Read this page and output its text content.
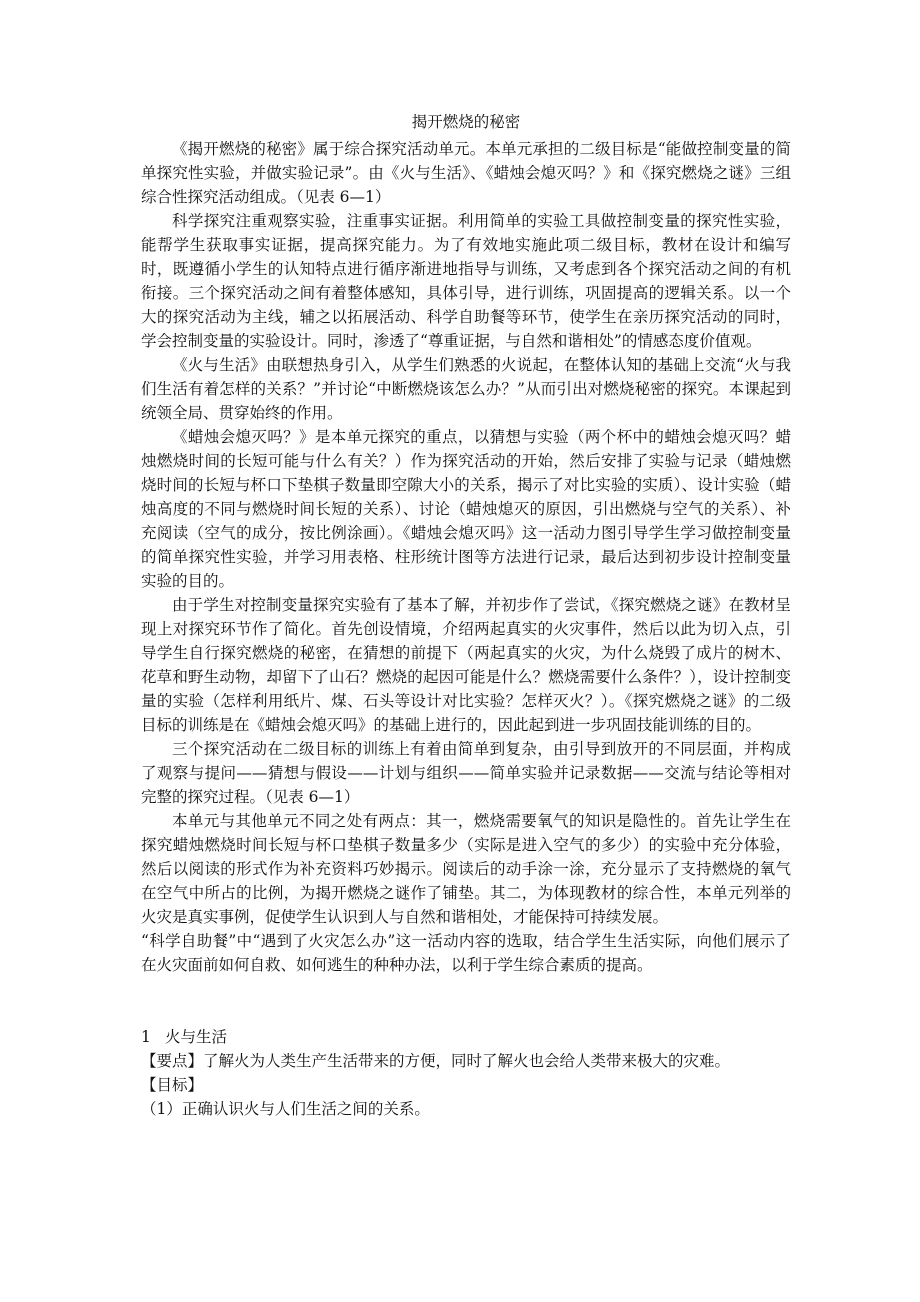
揭开燃烧的秘密

《揭开燃烧的秘密》属于综合探究活动单元。本单元承担的二级目标是“能做控制变量的简单探究性实验，并做实验记录”。由《火与生活》、《蜡烛会熄灭吗？》和《探究燃烧之谜》三组综合性探究活动组成。（见表 6—1）

科学探究注重观察实验，注重事实证据。利用简单的实验工具做控制变量的探究性实验，能帮学生获取事实证据，提高探究能力。为了有效地实施此项二级目标，教材在设计和编写时，既遵循小学生的认知特点进行循序渐进地指导与训练，又考虑到各个探究活动之间的有机衔接。三个探究活动之间有着整体感知，具体引导，进行训练，巩固提高的逻辑关系。以一个大的探究活动为主线，辅之以拓展活动、科学自助餐等环节，使学生在亲历探究活动的同时，学会控制变量的实验设计。同时，渗透了“尊重证据，与自然和谐相处”的情感态度价值观。

《火与生活》由联想热身引入，从学生们熟悉的火说起，在整体认知的基础上交流“火与我们生活有着怎样的关系？”并讨论“中断燃烧该怎么办？”从而引出对燃烧秘密的探究。本课起到统领全局、贯穿始终的作用。

《蜡烛会熄灭吗？》是本单元探究的重点，以猜想与实验（两个杯中的蜡烛会熄灭吗？蜡烛燃烧时间的长短可能与什么有关？）作为探究活动的开始，然后安排了实验与记录（蜡烛燃烧时间的长短与杯口下垫棋子数量即空隙大小的关系，揭示了对比实验的实质）、设计实验（蜡烛高度的不同与燃烧时间长短的关系）、讨论（蜡烛熄灭的原因，引出燃烧与空气的关系）、补充阅读（空气的成分，按比例涂画）。《蜡烛会熄灭吗》这一活动力图引导学生学习做控制变量的简单探究性实验，并学习用表格、柱形统计图等方法进行记录，最后达到初步设计控制变量实验的目的。

由于学生对控制变量探究实验有了基本了解，并初步作了尝试，《探究燃烧之谜》在教材呈现上对探究环节作了简化。首先创设情境，介绍两起真实的火灾事件，然后以此为切入点，引导学生自行探究燃烧的秘密，在猜想的前提下（两起真实的火灾，为什么烧毁了成片的树木、花草和野生动物，却留下了山石？燃烧的起因可能是什么？燃烧需要什么条件？），设计控制变量的实验（怎样利用纸片、煤、石头等设计对比实验？怎样灭火？）。《探究燃烧之谜》的二级目标的训练是在《蜡烛会熄灭吗》的基础上进行的，因此起到进一步巩固技能训练的目的。

三个探究活动在二级目标的训练上有着由简单到复杂，由引导到放开的不同层面，并构成了观察与提问——猜想与假设——计划与组织——简单实验并记录数据——交流与结论等相对完整的探究过程。（见表 6—1）

本单元与其他单元不同之处有两点：其一，燃烧需要氧气的知识是隐性的。首先让学生在探究蜡烛燃烧时间长短与杯口垫棋子数量多少（实际是进入空气的多少）的实验中充分体验，然后以阅读的形式作为补充资料巧妙揭示。阅读后的动手涂一涂，充分显示了支持燃烧的氧气在空气中所占的比例，为揭开燃烧之谜作了铺垫。其二，为体现教材的综合性，本单元列举的火灾是真实事例，促使学生认识到人与自然和谐相处，才能保持可持续发展。

“科学自助餐”中“遇到了火灾怎么办”这一活动内容的选取，结合学生生活实际，向他们展示了在火灾面前如何自救、如何逃生的种种办法，以利于学生综合素质的提高。

1 火与生活

【要点】了解火为人类生产生活带来的方便，同时了解火也会给人类带来极大的灾难。

【目标】

（1）正确认识火与人们生活之间的关系。
